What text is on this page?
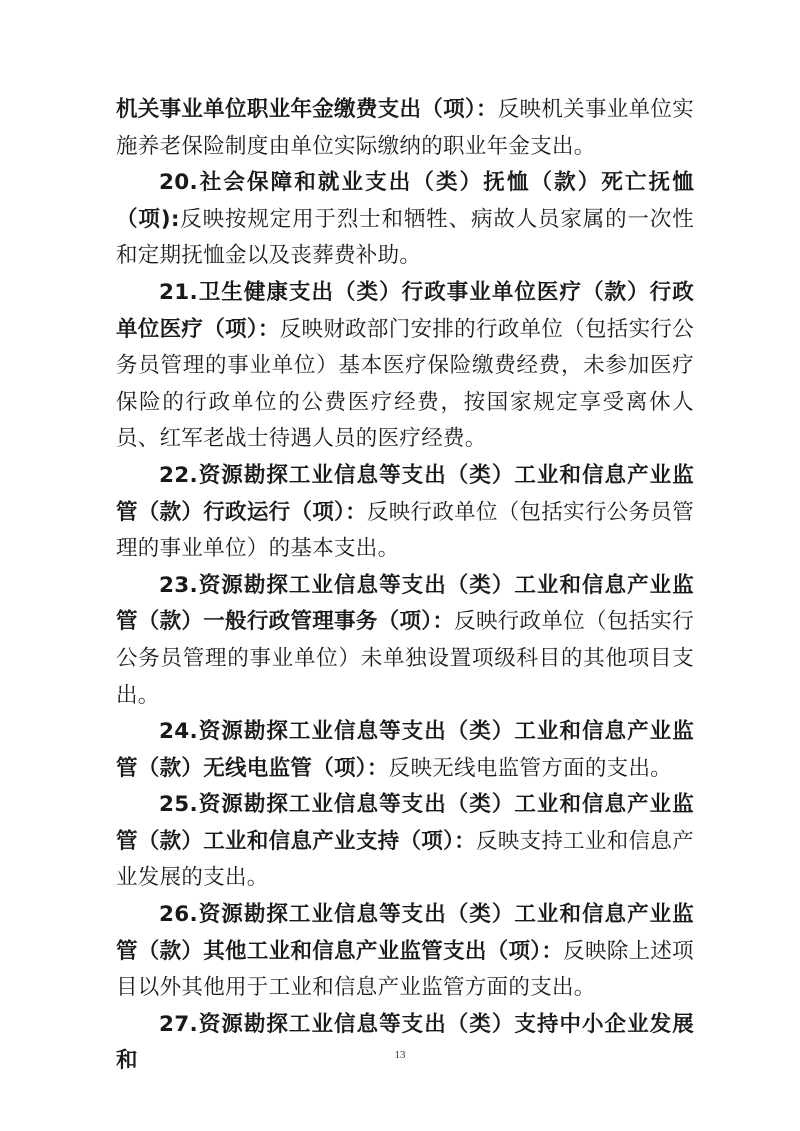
机关事业单位职业年金缴费支出（项）：反映机关事业单位实施养老保险制度由单位实际缴纳的职业年金支出。

20.社会保障和就业支出（类）抚恤（款）死亡抚恤（项):反映按规定用于烈士和牺牲、病故人员家属的一次性和定期抚恤金以及丧葬费补助。

21.卫生健康支出（类）行政事业单位医疗（款）行政单位医疗（项）：反映财政部门安排的行政单位（包括实行公务员管理的事业单位）基本医疗保险缴费经费，未参加医疗保险的行政单位的公费医疗经费，按国家规定享受离休人员、红军老战士待遇人员的医疗经费。

22.资源勘探工业信息等支出（类）工业和信息产业监管（款）行政运行（项）：反映行政单位（包括实行公务员管理的事业单位）的基本支出。

23.资源勘探工业信息等支出（类）工业和信息产业监管（款）一般行政管理事务（项）：反映行政单位（包括实行公务员管理的事业单位）未单独设置项级科目的其他项目支出。

24.资源勘探工业信息等支出（类）工业和信息产业监管（款）无线电监管（项）：反映无线电监管方面的支出。

25.资源勘探工业信息等支出（类）工业和信息产业监管（款）工业和信息产业支持（项）：反映支持工业和信息产业发展的支出。

26.资源勘探工业信息等支出（类）工业和信息产业监管（款）其他工业和信息产业监管支出（项）：反映除上述项目以外其他用于工业和信息产业监管方面的支出。

27.资源勘探工业信息等支出（类）支持中小企业发展和	13
